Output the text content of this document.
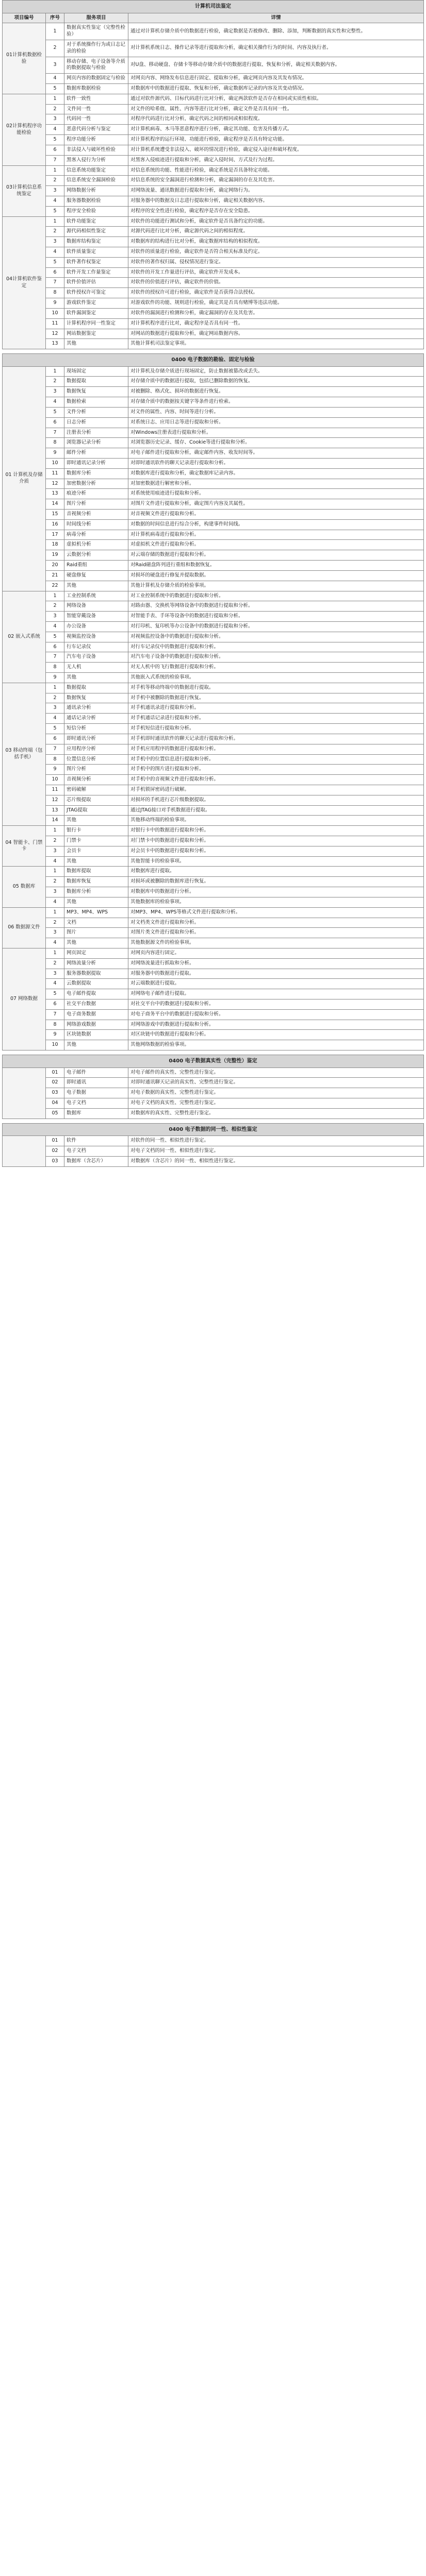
计算机司法鉴定			
项目编号	序号	服务项目	详情
01计算机数据检验	1	数据真实性鉴定（完整性检验）	通过对计算机存储介质中的数据进行检验，确定数据是否被修改、删除、添加，判断数据的真实性和完整性。
	2	对于系统操作行为或日志记录的检验	对计算机系统日志、操作记录等进行提取和分析，确定相关操作行为的时间、内容及执行者。
	3	移动存储、电子设备等介质的数据提取与检验	对U盘、移动硬盘、存储卡等移动存储介质中的数据进行提取、恢复和分析，确定相关数据内容。
	4	网页内容的数据固定与检验	对网页内容、网络发布信息进行固定、提取和分析，确定网页内容及其发布情况。
	5	数据库数据检验	对数据库中的数据进行提取、恢复和分析，确定数据库记录的内容及其变动情况。
02计算机程序功能检验	1	软件一致性	通过对软件源代码、目标代码进行比对分析，确定两款软件是否存在相同或实质性相似。
	2	文件同一性	对文件的哈希值、属性、内容等进行比对分析，确定文件是否具有同一性。
	3	代码同一性	对程序代码进行比对分析，确定代码之间的相同或相似程度。
	4	恶意代码分析与鉴定	对计算机病毒、木马等恶意程序进行分析，确定其功能、危害及传播方式。
	5	程序功能分析	对计算机程序的运行环境、功能进行检验，确定程序是否具有特定功能。
	6	非法侵入与破坏性检验	对计算机系统遭受非法侵入、破坏的情况进行检验，确定侵入途径和破坏程度。
	7	黑客入侵行为分析	对黑客入侵痕迹进行提取和分析，确定入侵时间、方式及行为过程。
03计算机信息系统鉴定	1	信息系统功能鉴定	对信息系统的功能、性能进行检验，确定系统是否具备特定功能。
	2	信息系统安全漏洞检验	对信息系统的安全漏洞进行检测和分析，确定漏洞的存在及其危害。
	3	网络数据分析	对网络流量、通讯数据进行提取和分析，确定网络行为。
	4	服务器数据检验	对服务器中的数据及日志进行提取和分析，确定相关数据内容。
	5	程序安全检验	对程序的安全性进行检验，确定程序是否存在安全隐患。
04计算机软件鉴定	1	软件功能鉴定	对软件的功能进行测试和分析，确定软件是否具备约定的功能。
	2	源代码相似性鉴定	对源代码进行比对分析，确定源代码之间的相似程度。
	3	数据库结构鉴定	对数据库的结构进行比对分析，确定数据库结构的相似程度。
	4	软件质量鉴定	对软件的质量进行检验，确定软件是否符合相关标准及约定。
	5	软件著作权鉴定	对软件的著作权归属、侵权情况进行鉴定。
	6	软件开发工作量鉴定	对软件的开发工作量进行评估，确定软件开发成本。
	7	软件价值评估	对软件的价值进行评估，确定软件的价值。
	8	软件授权许可鉴定	对软件的授权许可进行检验，确定软件是否获得合法授权。
	9	游戏软件鉴定	对游戏软件的功能、规则进行检验，确定其是否具有赌博等违法功能。
	10	软件漏洞鉴定	对软件的漏洞进行检测和分析，确定漏洞的存在及其危害。
	11	计算机程序同一性鉴定	对计算机程序进行比对，确定程序是否具有同一性。
	12	网站数据鉴定	对网站的数据进行提取和分析，确定网站数据内容。
	13	其他	其他计算机司法鉴定事项。
0400 电子数据的勘验、固定与检验			
01 计算机及存储介质	1	现场固定	对计算机及存储介质进行现场固定，防止数据被篡改或丢失。
	2	数据提取	对存储介质中的数据进行提取，包括已删除数据的恢复。
	3	数据恢复	对被删除、格式化、损坏的数据进行恢复。
	4	数据检索	对存储介质中的数据按关键字等条件进行检索。
	5	文件分析	对文件的属性、内容、时间等进行分析。
	6	日志分析	对系统日志、应用日志等进行提取和分析。
	7	注册表分析	对Windows注册表进行提取和分析。
	8	浏览器记录分析	对浏览器历史记录、缓存、Cookie等进行提取和分析。
	9	邮件分析	对电子邮件进行提取和分析，确定邮件内容、收发时间等。
	10	即时通讯记录分析	对即时通讯软件的聊天记录进行提取和分析。
	11	数据库分析	对数据库进行提取和分析，确定数据库记录内容。
	12	加密数据分析	对加密数据进行解密和分析。
	13	痕迹分析	对系统使用痕迹进行提取和分析。
	14	图片分析	对图片文件进行提取和分析，确定图片内容及其属性。
	15	音视频分析	对音视频文件进行提取和分析。
	16	时间线分析	对数据的时间信息进行综合分析，构建事件时间线。
	17	病毒分析	对计算机病毒进行提取和分析。
	18	虚拟机分析	对虚拟机文件进行提取和分析。
	19	云数据分析	对云端存储的数据进行提取和分析。
	20	Raid重组	对Raid磁盘阵列进行重组和数据恢复。
	21	硬盘修复	对损坏的硬盘进行修复并提取数据。
	22	其他	其他计算机及存储介质的检验事项。
02 嵌入式系统	1	工业控制系统	对工业控制系统中的数据进行提取和分析。
	2	网络设备	对路由器、交换机等网络设备中的数据进行提取和分析。
	3	智能穿戴设备	对智能手表、手环等设备中的数据进行提取和分析。
	4	办公设备	对打印机、复印机等办公设备中的数据进行提取和分析。
	5	视频监控设备	对视频监控设备中的数据进行提取和分析。
	6	行车记录仪	对行车记录仪中的数据进行提取和分析。
	7	汽车电子设备	对汽车电子设备中的数据进行提取和分析。
	8	无人机	对无人机中的飞行数据进行提取和分析。
	9	其他	其他嵌入式系统的检验事项。
03 移动终端（包括手机）	1	数据提取	对手机等移动终端中的数据进行提取。
	2	数据恢复	对手机中被删除的数据进行恢复。
	3	通讯录分析	对手机通讯录进行提取和分析。
	4	通话记录分析	对手机通话记录进行提取和分析。
	5	短信分析	对手机短信进行提取和分析。
	6	即时通讯分析	对手机即时通讯软件的聊天记录进行提取和分析。
	7	应用程序分析	对手机应用程序的数据进行提取和分析。
	8	位置信息分析	对手机中的位置信息进行提取和分析。
	9	图片分析	对手机中的图片进行提取和分析。
	10	音视频分析	对手机中的音视频文件进行提取和分析。
	11	密码破解	对手机锁屏密码进行破解。
	12	芯片级提取	对损坏的手机进行芯片级数据提取。
	13	JTAG提取	通过JTAG接口对手机数据进行提取。
	14	其他	其他移动终端的检验事项。
04 智能卡、门禁卡	1	银行卡	对银行卡中的数据进行提取和分析。
	2	门禁卡	对门禁卡中的数据进行提取和分析。
	3	会员卡	对会员卡中的数据进行提取和分析。
	4	其他	其他智能卡的检验事项。
05 数据库	1	数据库提取	对数据库进行提取。
	2	数据库恢复	对损坏或被删除的数据库进行恢复。
	3	数据库分析	对数据库中的数据进行分析。
	4	其他	其他数据库的检验事项。
06 数据源文件	1	MP3、MP4、WPS	对MP3、MP4、WPS等格式文件进行提取和分析。
	2	文档	对文档类文件进行提取和分析。
	3	图片	对图片类文件进行提取和分析。
	4	其他	其他数据源文件的检验事项。
07 网络数据	1	网页固定	对网页内容进行固定。
	2	网络流量分析	对网络流量进行抓取和分析。
	3	服务器数据提取	对服务器中的数据进行提取。
	4	云数据提取	对云端数据进行提取。
	5	电子邮件提取	对网络电子邮件进行提取。
	6	社交平台数据	对社交平台中的数据进行提取和分析。
	7	电子商务数据	对电子商务平台中的数据进行提取和分析。
	8	网络游戏数据	对网络游戏中的数据进行提取和分析。
	9	区块链数据	对区块链中的数据进行提取和分析。
	10	其他	其他网络数据的检验事项。
0400 电子数据真实性（完整性）鉴定			
	01	电子邮件	对电子邮件的真实性、完整性进行鉴定。
	02	即时通讯	对即时通讯聊天记录的真实性、完整性进行鉴定。
	03	电子数据	对电子数据的真实性、完整性进行鉴定。
	04	电子文档	对电子文档的真实性、完整性进行鉴定。
	05	数据库	对数据库的真实性、完整性进行鉴定。
0400 电子数据的同一性、相似性鉴定			
	01	软件	对软件的同一性、相似性进行鉴定。
	02	电子文档	对电子文档的同一性、相似性进行鉴定。
	03	数据库（含芯片）	对数据库（含芯片）的同一性、相似性进行鉴定。
